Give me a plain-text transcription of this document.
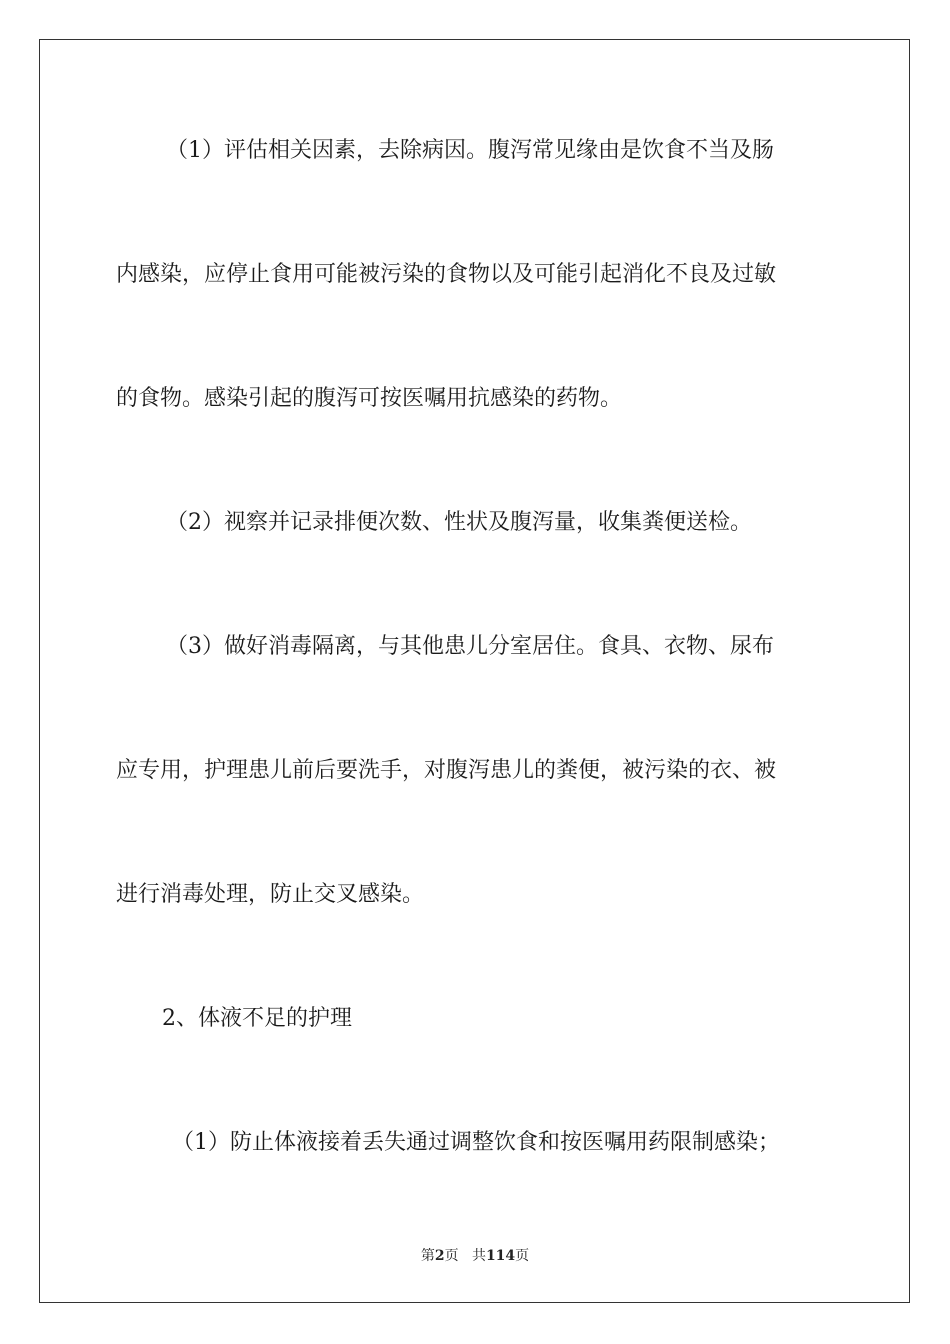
（1）评估相关因素，去除病因。腹泻常见缘由是饮食不当及肠

内感染，应停止食用可能被污染的食物以及可能引起消化不良及过敏

的食物。感染引起的腹泻可按医嘱用抗感染的药物。

（2）视察并记录排便次数、性状及腹泻量，收集粪便送检。

（3）做好消毒隔离，与其他患儿分室居住。食具、衣物、尿布

应专用，护理患儿前后要洗手，对腹泻患儿的粪便，被污染的衣、被

进行消毒处理，防止交叉感染。

2、体液不足的护理

（1）防止体液接着丢失通过调整饮食和按医嘱用药限制感染；

第2页 共114页
